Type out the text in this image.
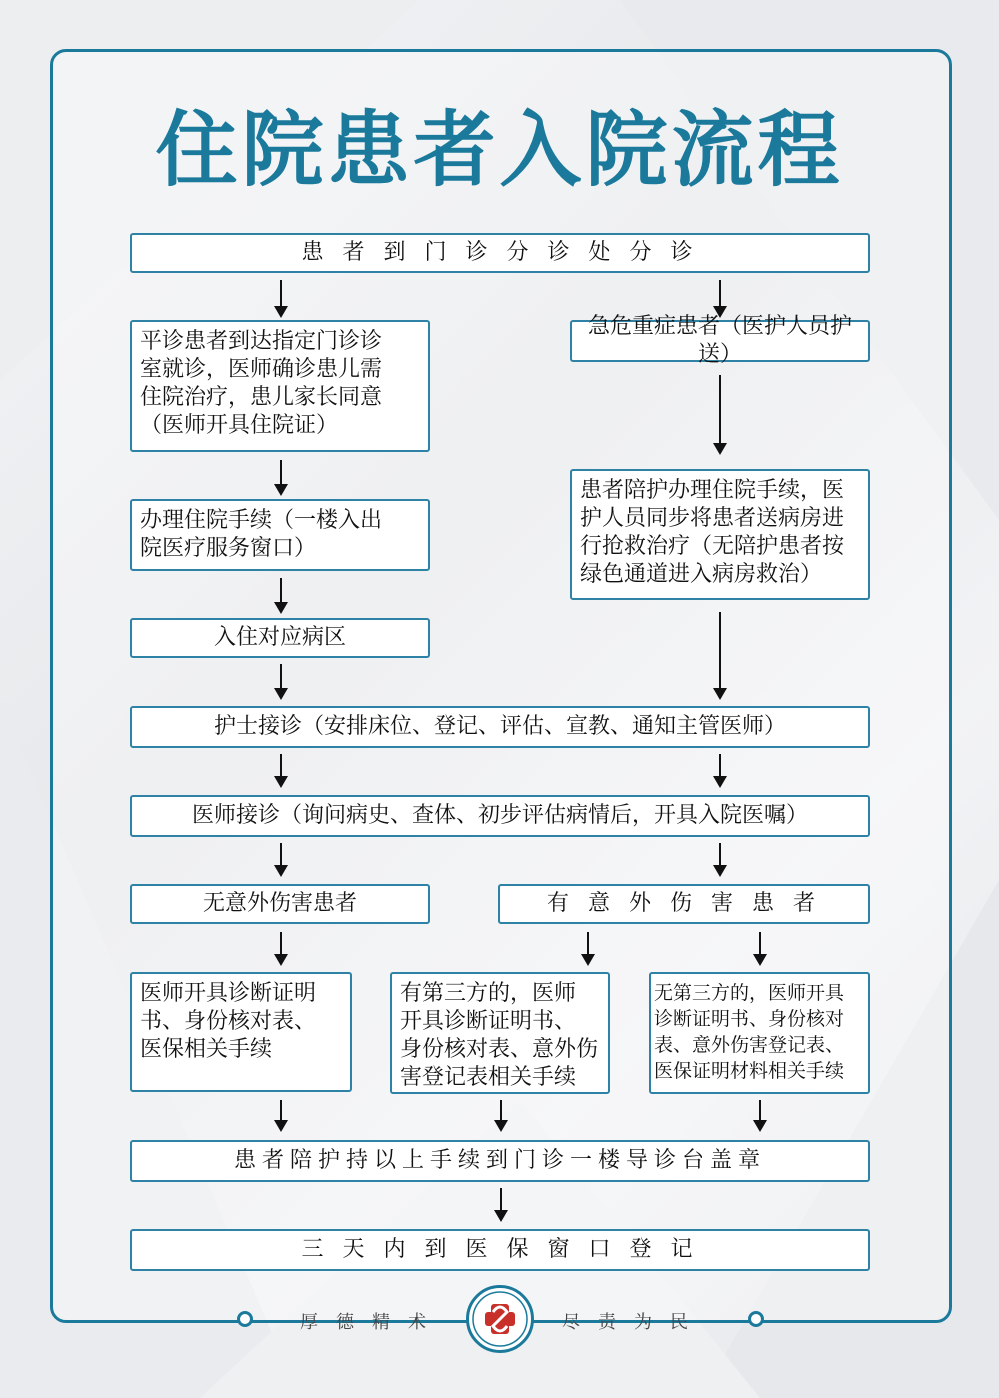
住院患者入院流程
患 者 到 门 诊 分 诊 处 分 诊
平诊患者到达指定门诊诊
室就诊，医师确诊患儿需
住院治疗，患儿家长同意
（医师开具住院证）
急危重症患者（医护人员护送）
办理住院手续（一楼入出
院医疗服务窗口）
患者陪护办理住院手续，医
护人员同步将患者送病房进
行抢救治疗（无陪护患者按
绿色通道进入病房救治）
入住对应病区
护士接诊（安排床位、登记、评估、宣教、通知主管医师）
医师接诊（询问病史、查体、初步评估病情后，开具入院医嘱）
无意外伤害患者	有 意 外 伤 害 患 者
医师开具诊断证明
书、身份核对表、
医保相关手续
有第三方的，医师
开具诊断证明书、
身份核对表、意外伤
害登记表相关手续
无第三方的，医师开具
诊断证明书、身份核对
表、意外伤害登记表、
医保证明材料相关手续
患者陪护持以上手续到门诊一楼导诊台盖章
三 天 内 到 医 保 窗 口 登 记
厚德精术	尽责为民
